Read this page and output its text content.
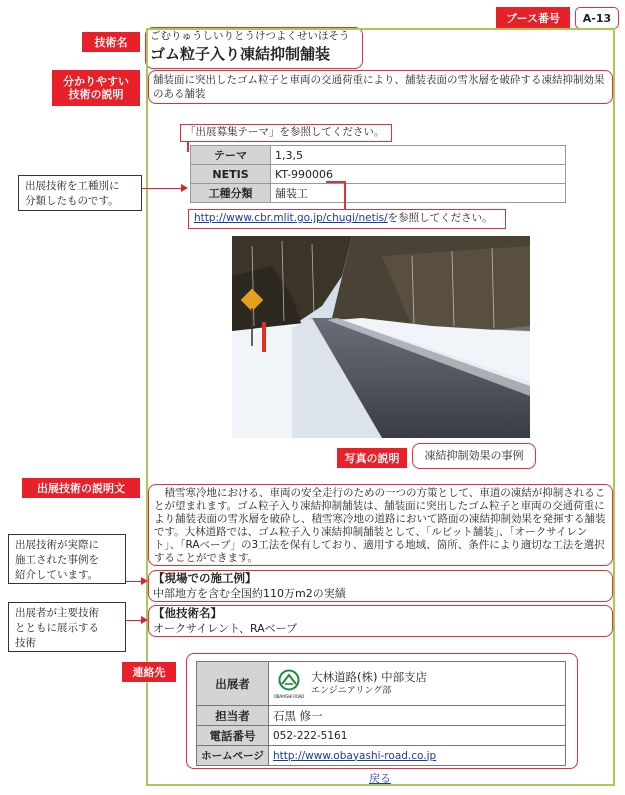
ブース番号	A-13
技術名	ごむりゅうしいりとうけつよくせいほそう
ゴム粒子入り凍結抑制舗装
分かりやすい
技術の説明
舗装面に突出したゴム粒子と車両の交通荷重により、舗装表面の雪氷層を破砕する凍結抑制効果のある舗装
「出展募集テーマ」を参照してください。
テーマ	1,3,5
NETIS	KT-990006
工種分類	舗装工
出展技術を工種別に
分類したものです。
http://www.cbr.mlit.go.jp/chugi/netis/を参照してください。
写真の説明	凍結抑制効果の事例
出展技術の説明文	　積雪寒冷地における、車両の安全走行のための一つの方策として、車道の凍結が抑制されることが望まれます。ゴム粒子入り凍結抑制舗装は、舗装面に突出したゴム粒子と車両の交通荷重により舗装表面の雪氷層を破砕し、積雪寒冷地の道路において路面の凍結抑制効果を発揮する舗装です。大林道路では、ゴム粒子入り凍結抑制舗装として、「ルビット舗装」、「オークサイレント」、「RAベーブ」の3工法を保有しており、適用する地域、箇所、条件により適切な工法を選択することができます。
出展技術が実際に
施工された事例を
紹介しています。	【現場での施工例】
中部地方を含む全国約110万m2の実績
出展者が主要技術
とともに展示する
技術
【他技術名】
オークサイレント、RAベーブ
連絡先
出展者	OBAYASHI ROAD
大林道路(株) 中部支店
エンジニアリング部

担当者	石黒 修一
電話番号	052-222-5161
ホームページ	http://www.obayashi-road.co.jp
戻る
